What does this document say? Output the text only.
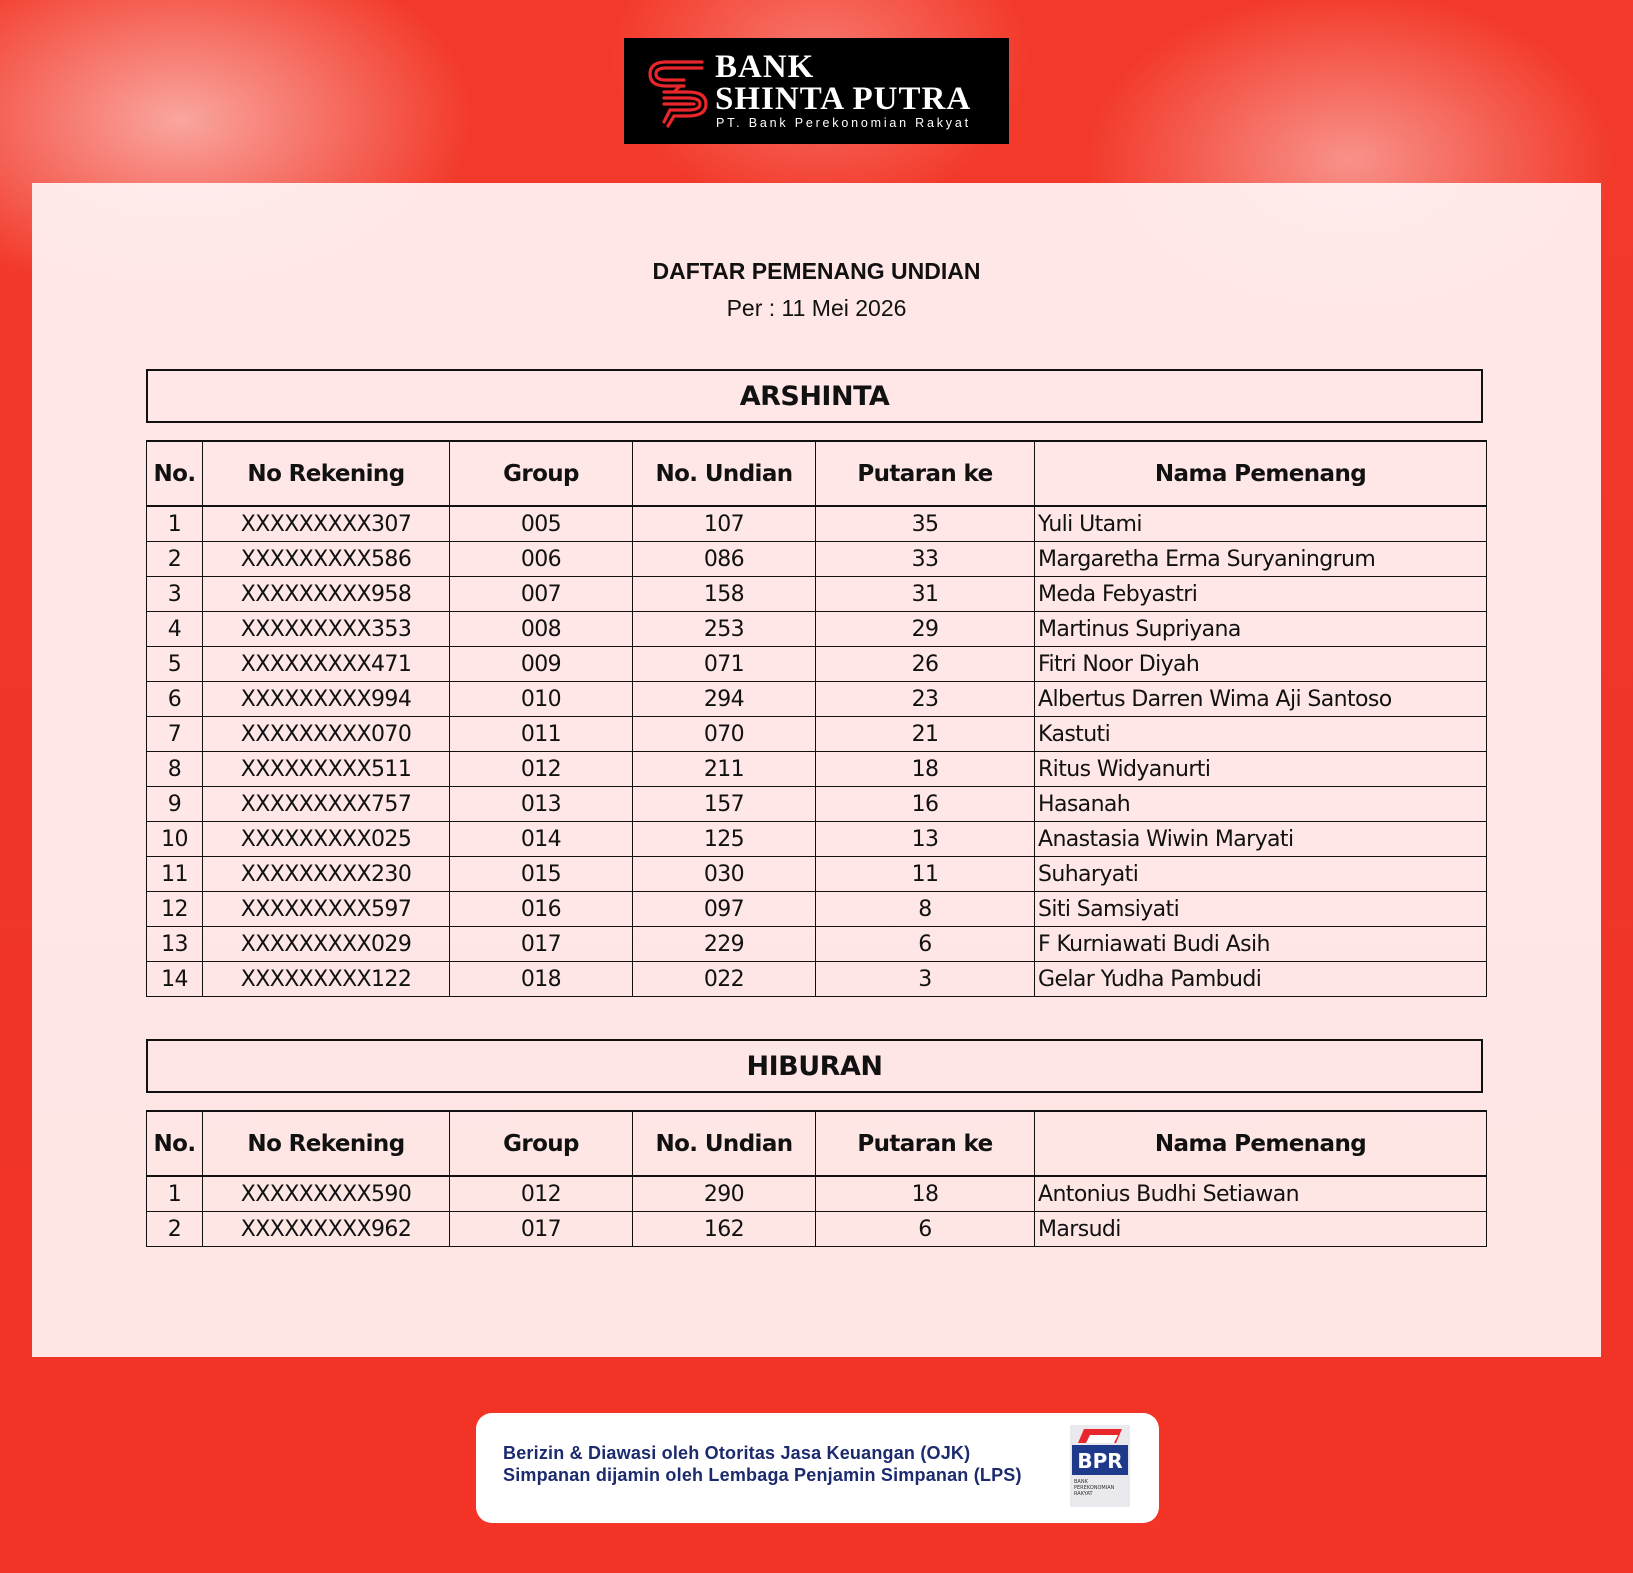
BANK
SHINTA PUTRA
PT. Bank Perekonomian Rakyat
DAFTAR PEMENANG UNDIAN
Per : 11 Mei 2026
ARSHINTA
No.	No Rekening	Group	No. Undian	Putaran ke	Nama Pemenang
1	XXXXXXXXX307	005	107	35	Yuli Utami
2	XXXXXXXXX586	006	086	33	Margaretha Erma Suryaningrum
3	XXXXXXXXX958	007	158	31	Meda Febyastri
4	XXXXXXXXX353	008	253	29	Martinus Supriyana
5	XXXXXXXXX471	009	071	26	Fitri Noor Diyah
6	XXXXXXXXX994	010	294	23	Albertus Darren Wima Aji Santoso
7	XXXXXXXXX070	011	070	21	Kastuti
8	XXXXXXXXX511	012	211	18	Ritus Widyanurti
9	XXXXXXXXX757	013	157	16	Hasanah
10	XXXXXXXXX025	014	125	13	Anastasia Wiwin Maryati
11	XXXXXXXXX230	015	030	11	Suharyati
12	XXXXXXXXX597	016	097	8	Siti Samsiyati
13	XXXXXXXXX029	017	229	6	F Kurniawati Budi Asih
14	XXXXXXXXX122	018	022	3	Gelar Yudha Pambudi
HIBURAN
No.	No Rekening	Group	No. Undian	Putaran ke	Nama Pemenang
1	XXXXXXXXX590	012	290	18	Antonius Budhi Setiawan
2	XXXXXXXXX962	017	162	6	Marsudi
Berizin & Diawasi oleh Otoritas Jasa Keuangan (OJK)
Simpanan dijamin oleh Lembaga Penjamin Simpanan (LPS)
BPR
BANK
PEREKONOMIAN
RAKYAT
